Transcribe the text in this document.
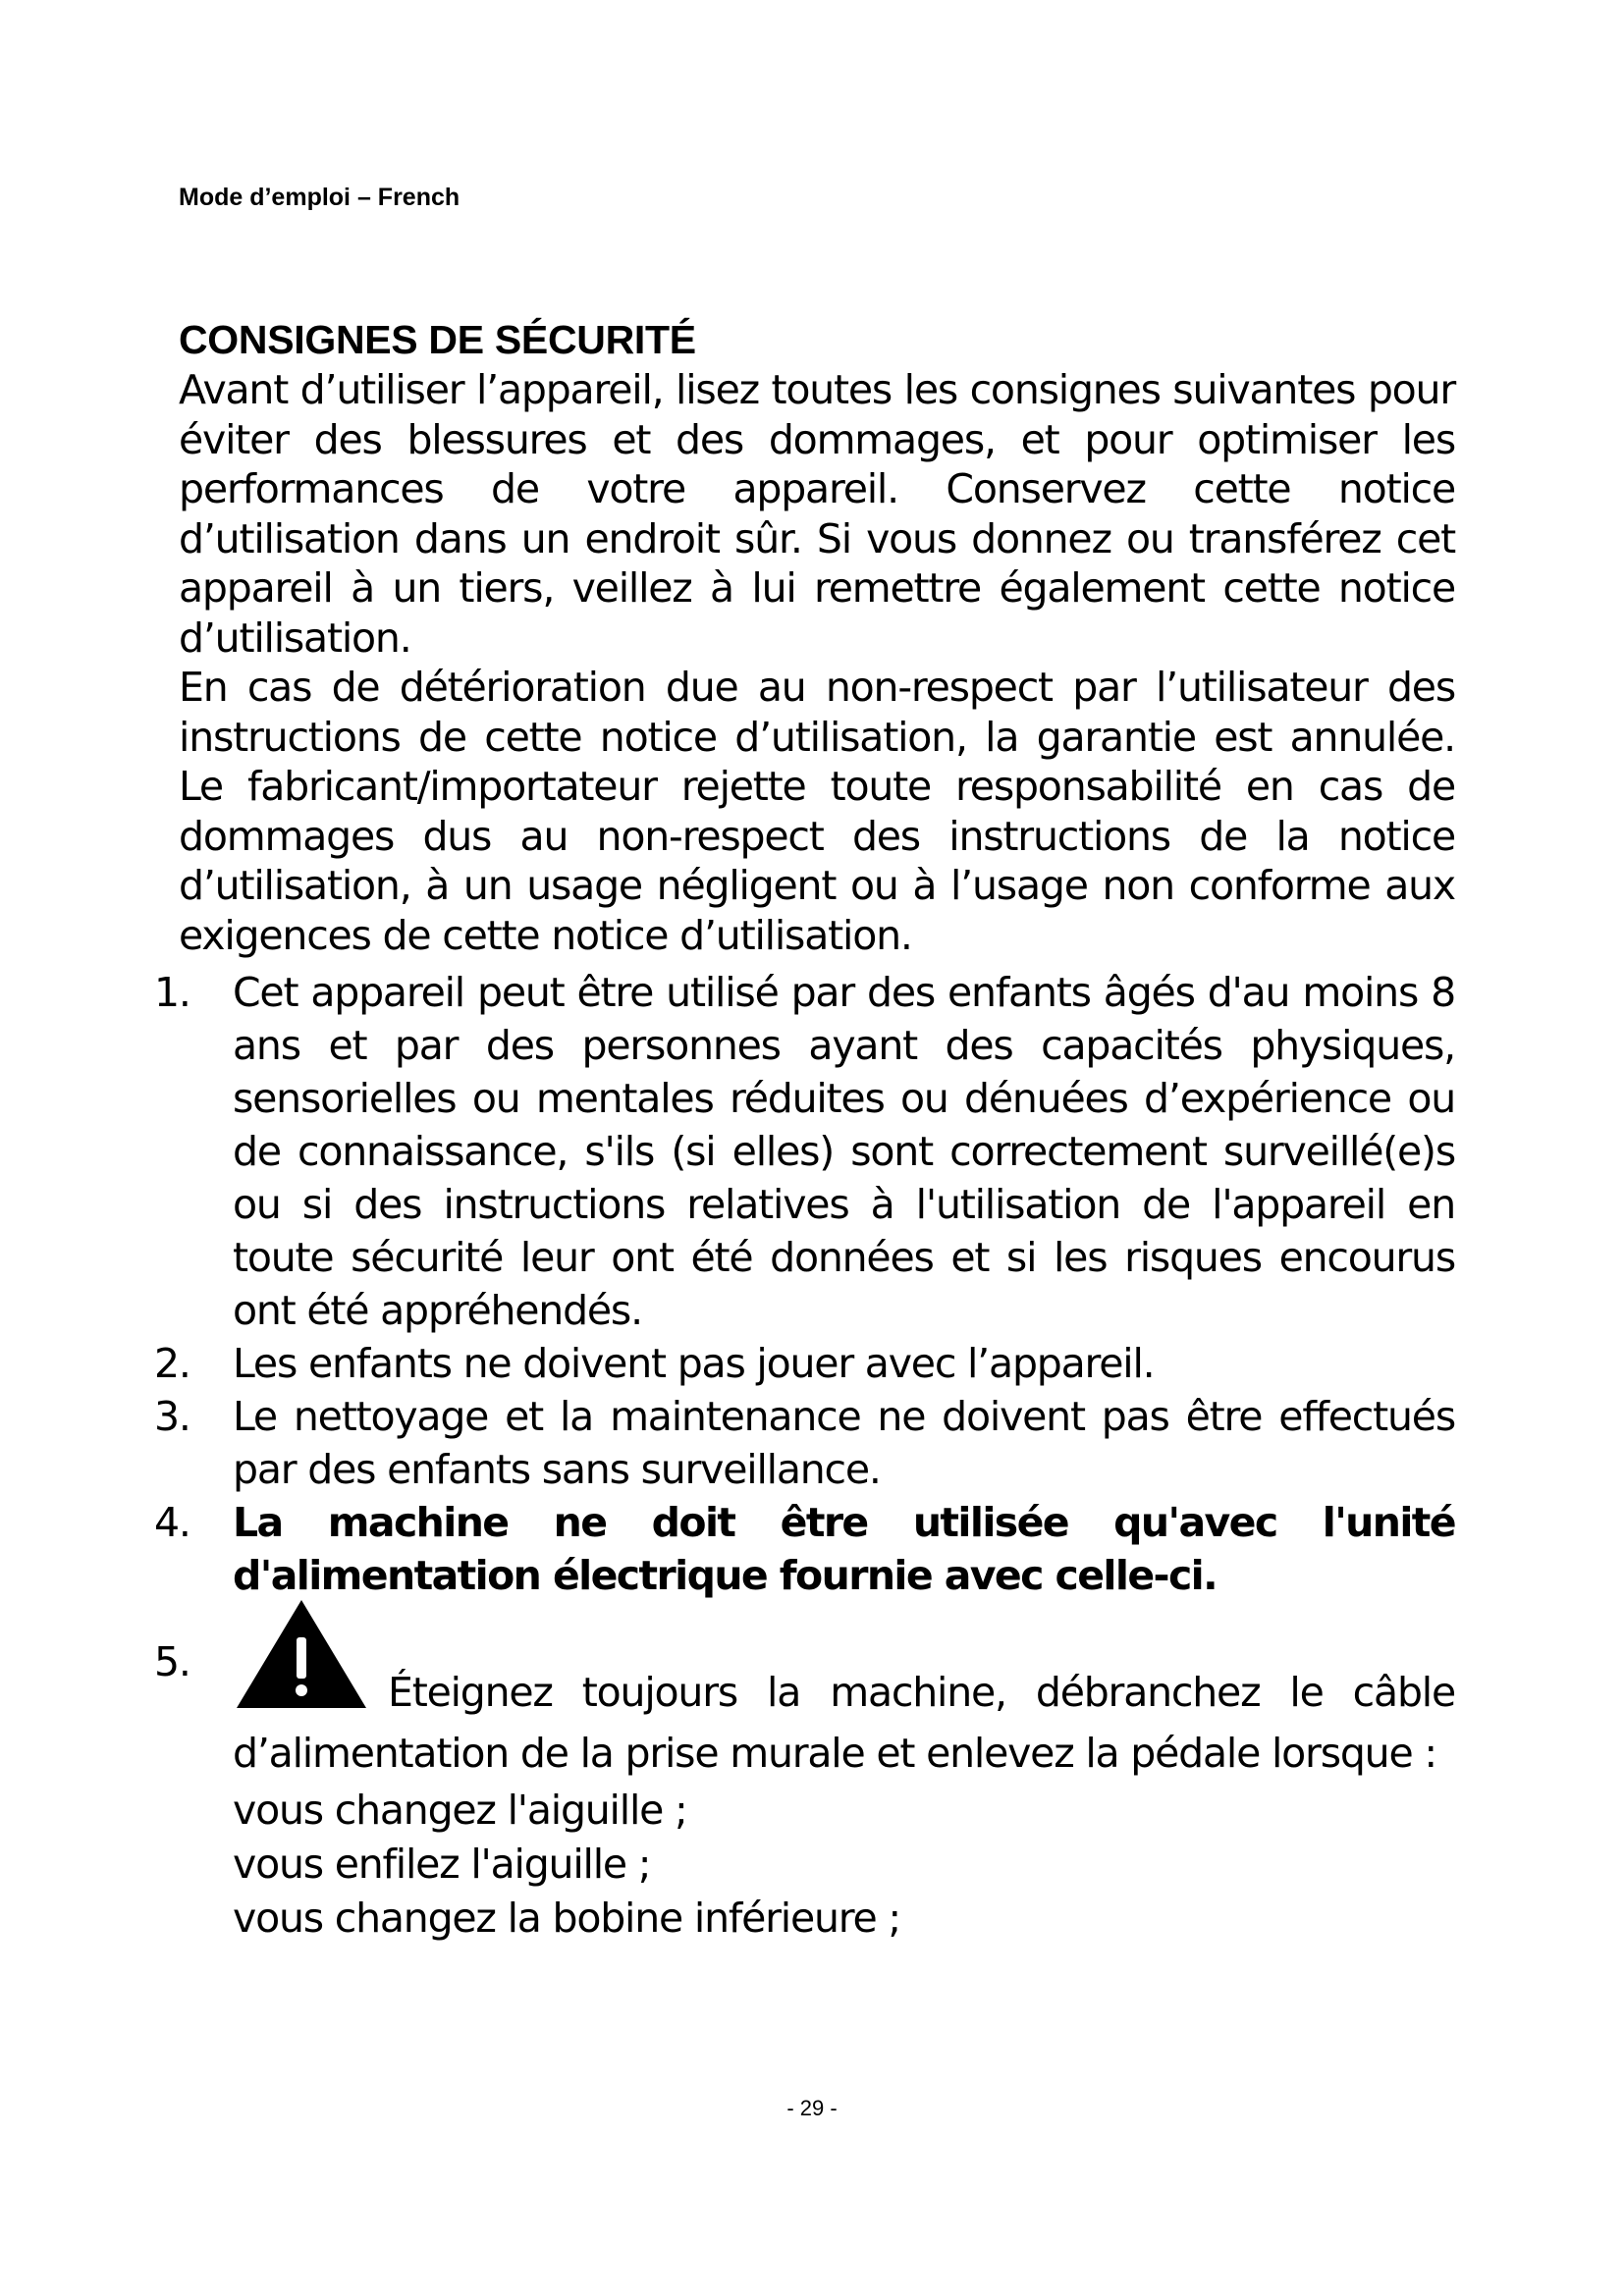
Mode d’emploi – French
CONSIGNES DE SÉCURITÉ

Avant d’utiliser l’appareil, lisez toutes les consignes suivantes pour éviter des blessures et des dommages, et pour optimiser les performances de votre appareil. Conservez cette notice d’utilisation dans un endroit sûr. Si vous donnez ou transférez cet appareil à un tiers, veillez à lui remettre également cette notice d’utilisation.

En cas de détérioration due au non-respect par l’utilisateur des instructions de cette notice d’utilisation, la garantie est annulée. Le fabricant/importateur rejette toute responsabilité en cas de dommages dus au non-respect des instructions de la notice d’utilisation, à un usage négligent ou à l’usage non conforme aux exigences de cette notice d’utilisation.

1. Cet appareil peut être utilisé par des enfants âgés d'au moins 8 ans et par des personnes ayant des capacités physiques, sensorielles ou mentales réduites ou dénuées d’expérience ou de connaissance, s'ils (si elles) sont correctement surveillé(e)s ou si des instructions relatives à l'utilisation de l'appareil en toute sécurité leur ont été données et si les risques encourus ont été appréhendés.
2. Les enfants ne doivent pas jouer avec l’appareil.
3. Le nettoyage et la maintenance ne doivent pas être effectués par des enfants sans surveillance.
4. La machine ne doit être utilisée qu'avec l'unité d'alimentation électrique fournie avec celle-ci.
5.
Éteignez toujours la machine, débranchez le câble d’alimentation de la prise murale et enlevez la pédale lorsque :
vous changez l'aiguille ;
vous enfilez l'aiguille ;
vous changez la bobine inférieure ;
- 29 -
